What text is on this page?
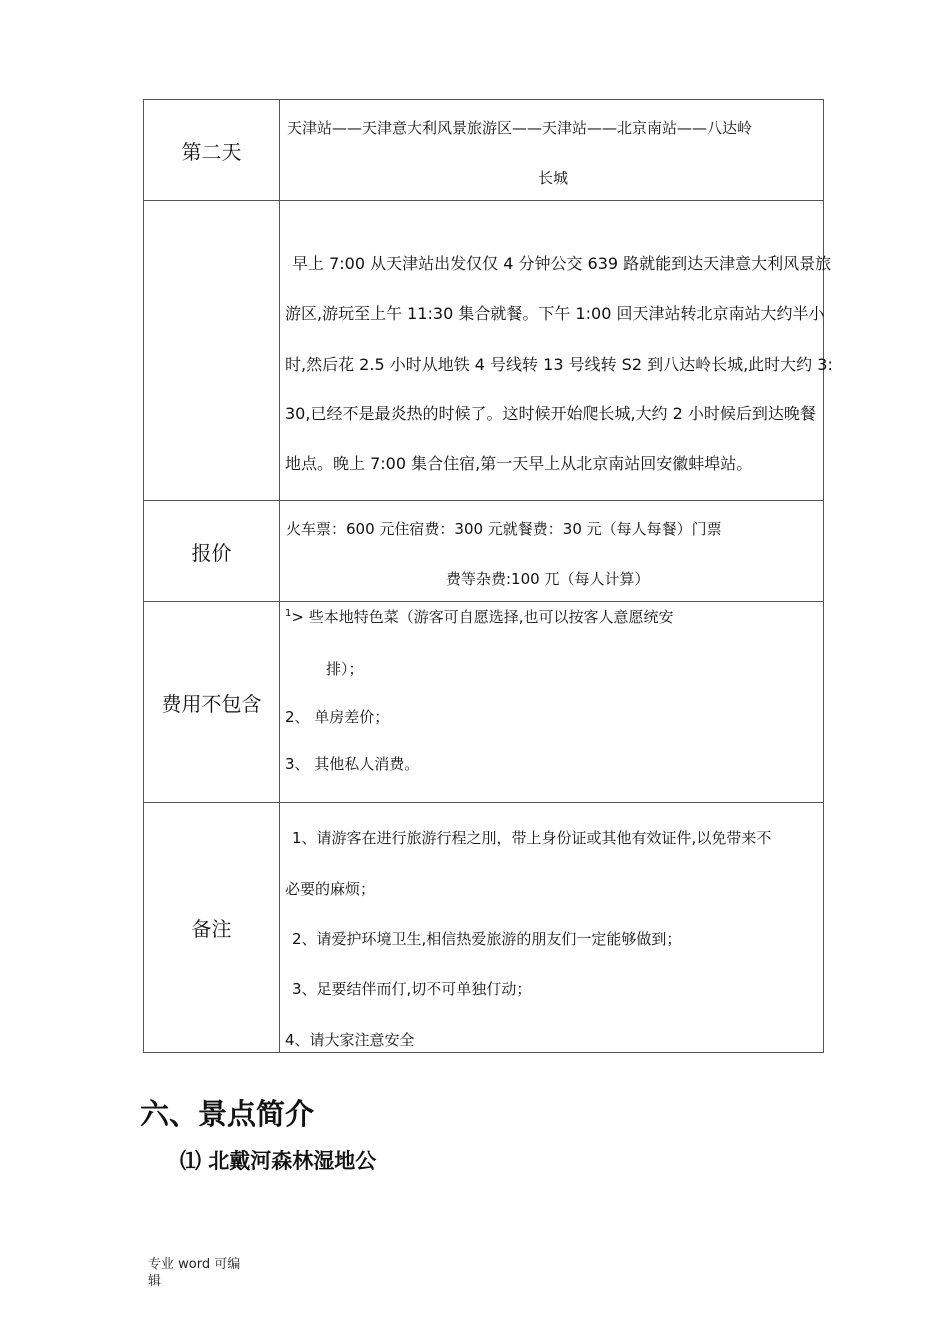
第二天	天津站——天津意大利风景旅游区——天津站——北京南站——八达岭
长城

	早上 7:00 从天津站出发仅仅 4 分钟公交 639 路就能到达天津意大利风景旅
游区,游玩至上午 11:30 集合就餐。下午 1:00 回天津站转北京南站大约半小
时,然后花 2.5 小时从地铁 4 号线转 13 号线转 S2 到八达岭长城,此时大约 3:
30,已经不是最炎热的时候了。这时候开始爬长城,大约 2 小时候后到达晚餐
地点。晚上 7:00 集合住宿,第一天早上从北京南站回安徽蚌埠站。

报价	火车票：600 元住宿费：300 元就餐费：30 元（每人每餐）门票
费等杂费:100 兀（每人计算）

费用不包含	$^1$> 些本地特色菜（游客可自愿选择,也可以按客人意愿统安
排）；
2、 单房差价；
3、 其他私人消费。

备注	1、请游客在进行旅游行程之刖，带上身份证或其他有效证件,以免带来不
必要的麻烦；
2、请爱护环境卫生,相信热爱旅游的朋友们一定能够做到；
3、足要结伴而仃,切不可单独仃动；
4、请大家注意安全
六、景点简介
⑴ 北戴河森林湿地公
专业 word 可编
辑
